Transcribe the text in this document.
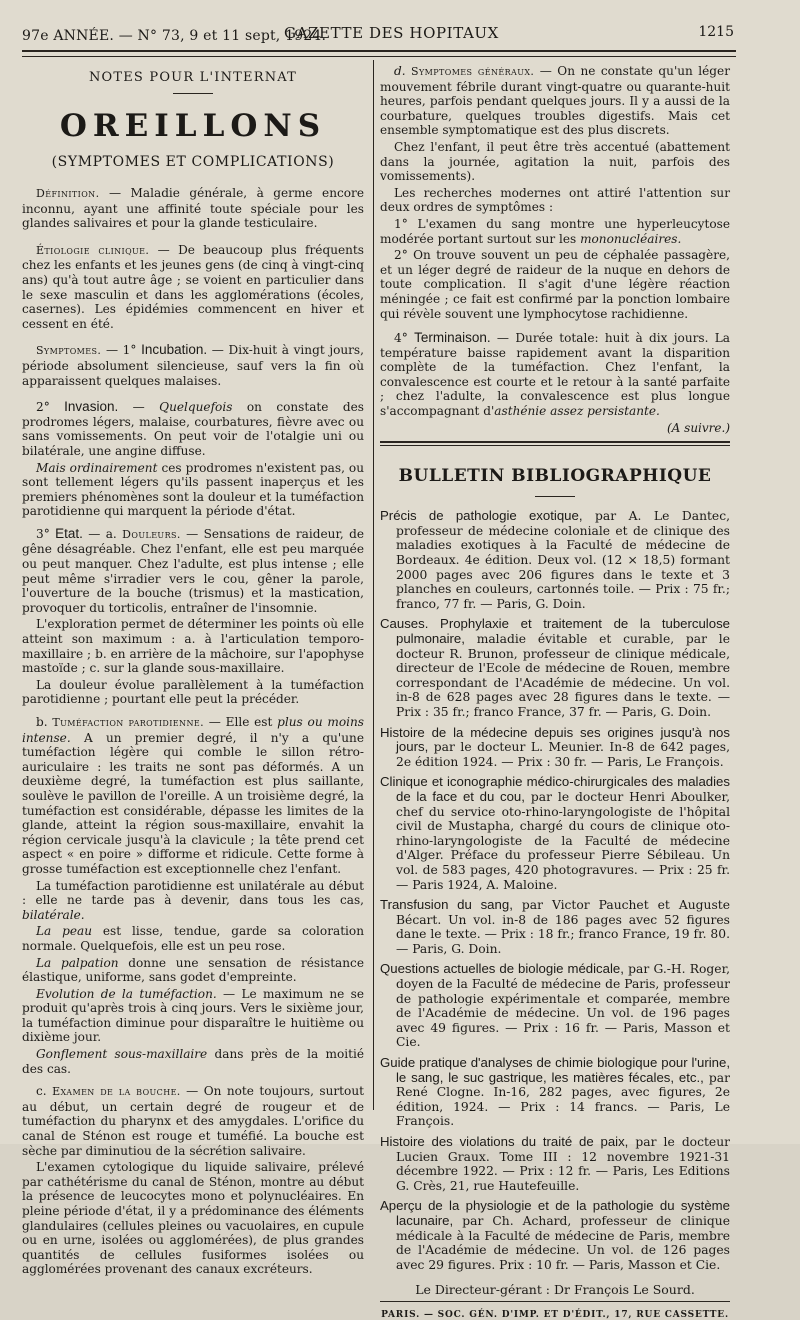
97e ANNÉE. — N° 73, 9 et 11 sept, 1924.
GAZETTE DES HOPITAUX	1215
NOTES POUR L'INTERNAT
OREILLONS
(SYMPTOMES ET COMPLICATIONS)

Définition. — Maladie générale, à germe encore inconnu, ayant une affinité toute spéciale pour les glandes salivaires et pour la glande testiculaire.

Étiologie clinique. — De beaucoup plus fréquents chez les enfants et les jeunes gens (de cinq à vingt-cinq ans) qu'à tout autre âge ; se voient en particulier dans le sexe masculin et dans les agglomérations (écoles, casernes). Les épidémies commencent en hiver et cessent en été.

Symptomes. — 1° Incubation. — Dix-huit à vingt jours, période absolument silencieuse, sauf vers la fin où apparaissent quelques malaises.

2° Invasion. — Quelquefois on constate des prodromes légers, malaise, courbatures, fièvre avec ou sans vomissements. On peut voir de l'otalgie uni ou bilatérale, une angine diffuse.

Mais ordinairement ces prodromes n'existent pas, ou sont tellement légers qu'ils passent inaperçus et les premiers phénomènes sont la douleur et la tuméfaction parotidienne qui marquent la période d'état.

3° Etat. — a. Douleurs. — Sensations de raideur, de gêne désagréable. Chez l'enfant, elle est peu marquée ou peut manquer. Chez l'adulte, est plus intense ; elle peut même s'irradier vers le cou, gêner la parole, l'ouverture de la bouche (trismus) et la mastication, provoquer du torticolis, entraîner de l'insomnie.

L'exploration permet de déterminer les points où elle atteint son maximum : a. à l'articulation temporo-maxillaire ; b. en arrière de la mâchoire, sur l'apophyse mastoïde ; c. sur la glande sous-maxillaire.

La douleur évolue parallèlement à la tuméfaction parotidienne ; pourtant elle peut la précéder.

b. Tuméfaction parotidienne. — Elle est plus ou moins intense. A un premier degré, il n'y a qu'une tuméfaction légère qui comble le sillon rétro-auriculaire : les traits ne sont pas déformés. A un deuxième degré, la tuméfaction est plus saillante, soulève le pavillon de l'oreille. A un troisième degré, la tuméfaction est considérable, dépasse les limites de la glande, atteint la région sous-maxillaire, envahit la région cervicale jusqu'à la clavicule ; la tête prend cet aspect « en poire » difforme et ridicule. Cette forme à grosse tuméfaction est exceptionnelle chez l'enfant.

La tuméfaction parotidienne est unilatérale au début : elle ne tarde pas à devenir, dans tous les cas, bilatérale.

La peau est lisse, tendue, garde sa coloration normale. Quelquefois, elle est un peu rose.

La palpation donne une sensation de résistance élastique, uniforme, sans godet d'empreinte.

Evolution de la tuméfaction. — Le maximum ne se produit qu'après trois à cinq jours. Vers le sixième jour, la tuméfaction diminue pour disparaître le huitième ou dixième jour.

Gonflement sous-maxillaire dans près de la moitié des cas.

c. Examen de la bouche. — On note toujours, surtout au début, un certain degré de rougeur et de tuméfaction du pharynx et des amygdales. L'orifice du canal de Sténon est rouge et tuméfié. La bouche est sèche par diminutiou de la sécrétion salivaire.

L'examen cytologique du liquide salivaire, prélevé par cathétérisme du canal de Sténon, montre au début la présence de leucocytes mono et polynucléaires. En pleine période d'état, il y a prédominance des éléments glandulaires (cellules pleines ou vacuolaires, en cupule ou en urne, isolées ou agglomérées), de plus grandes quantités de cellules fusiformes isolées ou agglomérées provenant des canaux excréteurs.

d. Symptomes généraux. — On ne constate qu'un léger mouvement fébrile durant vingt-quatre ou quarante-huit heures, parfois pendant quelques jours. Il y a aussi de la courbature, quelques troubles digestifs. Mais cet ensemble symptomatique est des plus discrets.

Chez l'enfant, il peut être très accentué (abattement dans la journée, agitation la nuit, parfois des vomissements).

Les recherches modernes ont attiré l'attention sur deux ordres de symptômes :

1° L'examen du sang montre une hyperleucytose modérée portant surtout sur les mononucléaires.

2° On trouve souvent un peu de céphalée passagère, et un léger degré de raideur de la nuque en dehors de toute complication. Il s'agit d'une légère réaction méningée ; ce fait est confirmé par la ponction lombaire qui révèle souvent une lymphocytose rachidienne.

4° Terminaison. — Durée totale: huit à dix jours. La température baisse rapidement avant la disparition complète de la tuméfaction. Chez l'enfant, la convalescence est courte et le retour à la santé parfaite ; chez l'adulte, la convalescence est plus longue s'accompagnant d'asthénie assez persistante.

(A suivre.)

BULLETIN BIBLIOGRAPHIQUE

Précis de pathologie exotique, par A. Le Dantec, professeur de médecine coloniale et de clinique des maladies exotiques à la Faculté de médecine de Bordeaux. 4e édition. Deux vol. (12 × 18,5) formant 2000 pages avec 206 figures dans le texte et 3 planches en couleurs, cartonnés toile. — Prix : 75 fr.; franco, 77 fr. — Paris, G. Doin.

Causes. Prophylaxie et traitement de la tuberculose pulmonaire, maladie évitable et curable, par le docteur R. Brunon, professeur de clinique médicale, directeur de l'Ecole de médecine de Rouen, membre correspondant de l'Académie de médecine. Un vol. in-8 de 628 pages avec 28 figures dans le texte. — Prix : 35 fr.; franco France, 37 fr. — Paris, G. Doin.

Histoire de la médecine depuis ses origines jusqu'à nos jours, par le docteur L. Meunier. In-8 de 642 pages, 2e édition 1924. — Prix : 30 fr. — Paris, Le François.

Clinique et iconographie médico-chirurgicales des maladies de la face et du cou, par le docteur Henri Aboulker, chef du service oto-rhino-laryngologiste de l'hôpital civil de Mustapha, chargé du cours de clinique oto-rhino-laryngologiste de la Faculté de médecine d'Alger. Préface du professeur Pierre Sébileau. Un vol. de 583 pages, 420 photogravures. — Prix : 25 fr. — Paris 1924, A. Maloine.

Transfusion du sang, par Victor Pauchet et Auguste Bécart. Un vol. in-8 de 186 pages avec 52 figures dane le texte. — Prix : 18 fr.; franco France, 19 fr. 80. — Paris, G. Doin.

Questions actuelles de biologie médicale, par G.-H. Roger, doyen de la Faculté de médecine de Paris, professeur de pathologie expérimentale et comparée, membre de l'Académie de médecine. Un vol. de 196 pages avec 49 figures. — Prix : 16 fr. — Paris, Masson et Cie.

Guide pratique d'analyses de chimie biologique pour l'urine, le sang, le suc gastrique, les matières fécales, etc., par René Clogne. In-16, 282 pages, avec figures, 2e édition, 1924. — Prix : 14 francs. — Paris, Le François.

Histoire des violations du traité de paix, par le docteur Lucien Graux. Tome III : 12 novembre 1921-31 décembre 1922. — Prix : 12 fr. — Paris, Les Editions G. Crès, 21, rue Hautefeuille.

Aperçu de la physiologie et de la pathologie du système lacunaire, par Ch. Achard, professeur de clinique médicale à la Faculté de médecine de Paris, membre de l'Académie de médecine. Un vol. de 126 pages avec 29 figures. Prix : 10 fr. — Paris, Masson et Cie.

Le Directeur-gérant : Dr François Le Sourd.
PARIS. — SOC. GÉN. D'IMP. ET D'ÉDIT., 17, RUE CASSETTE.
